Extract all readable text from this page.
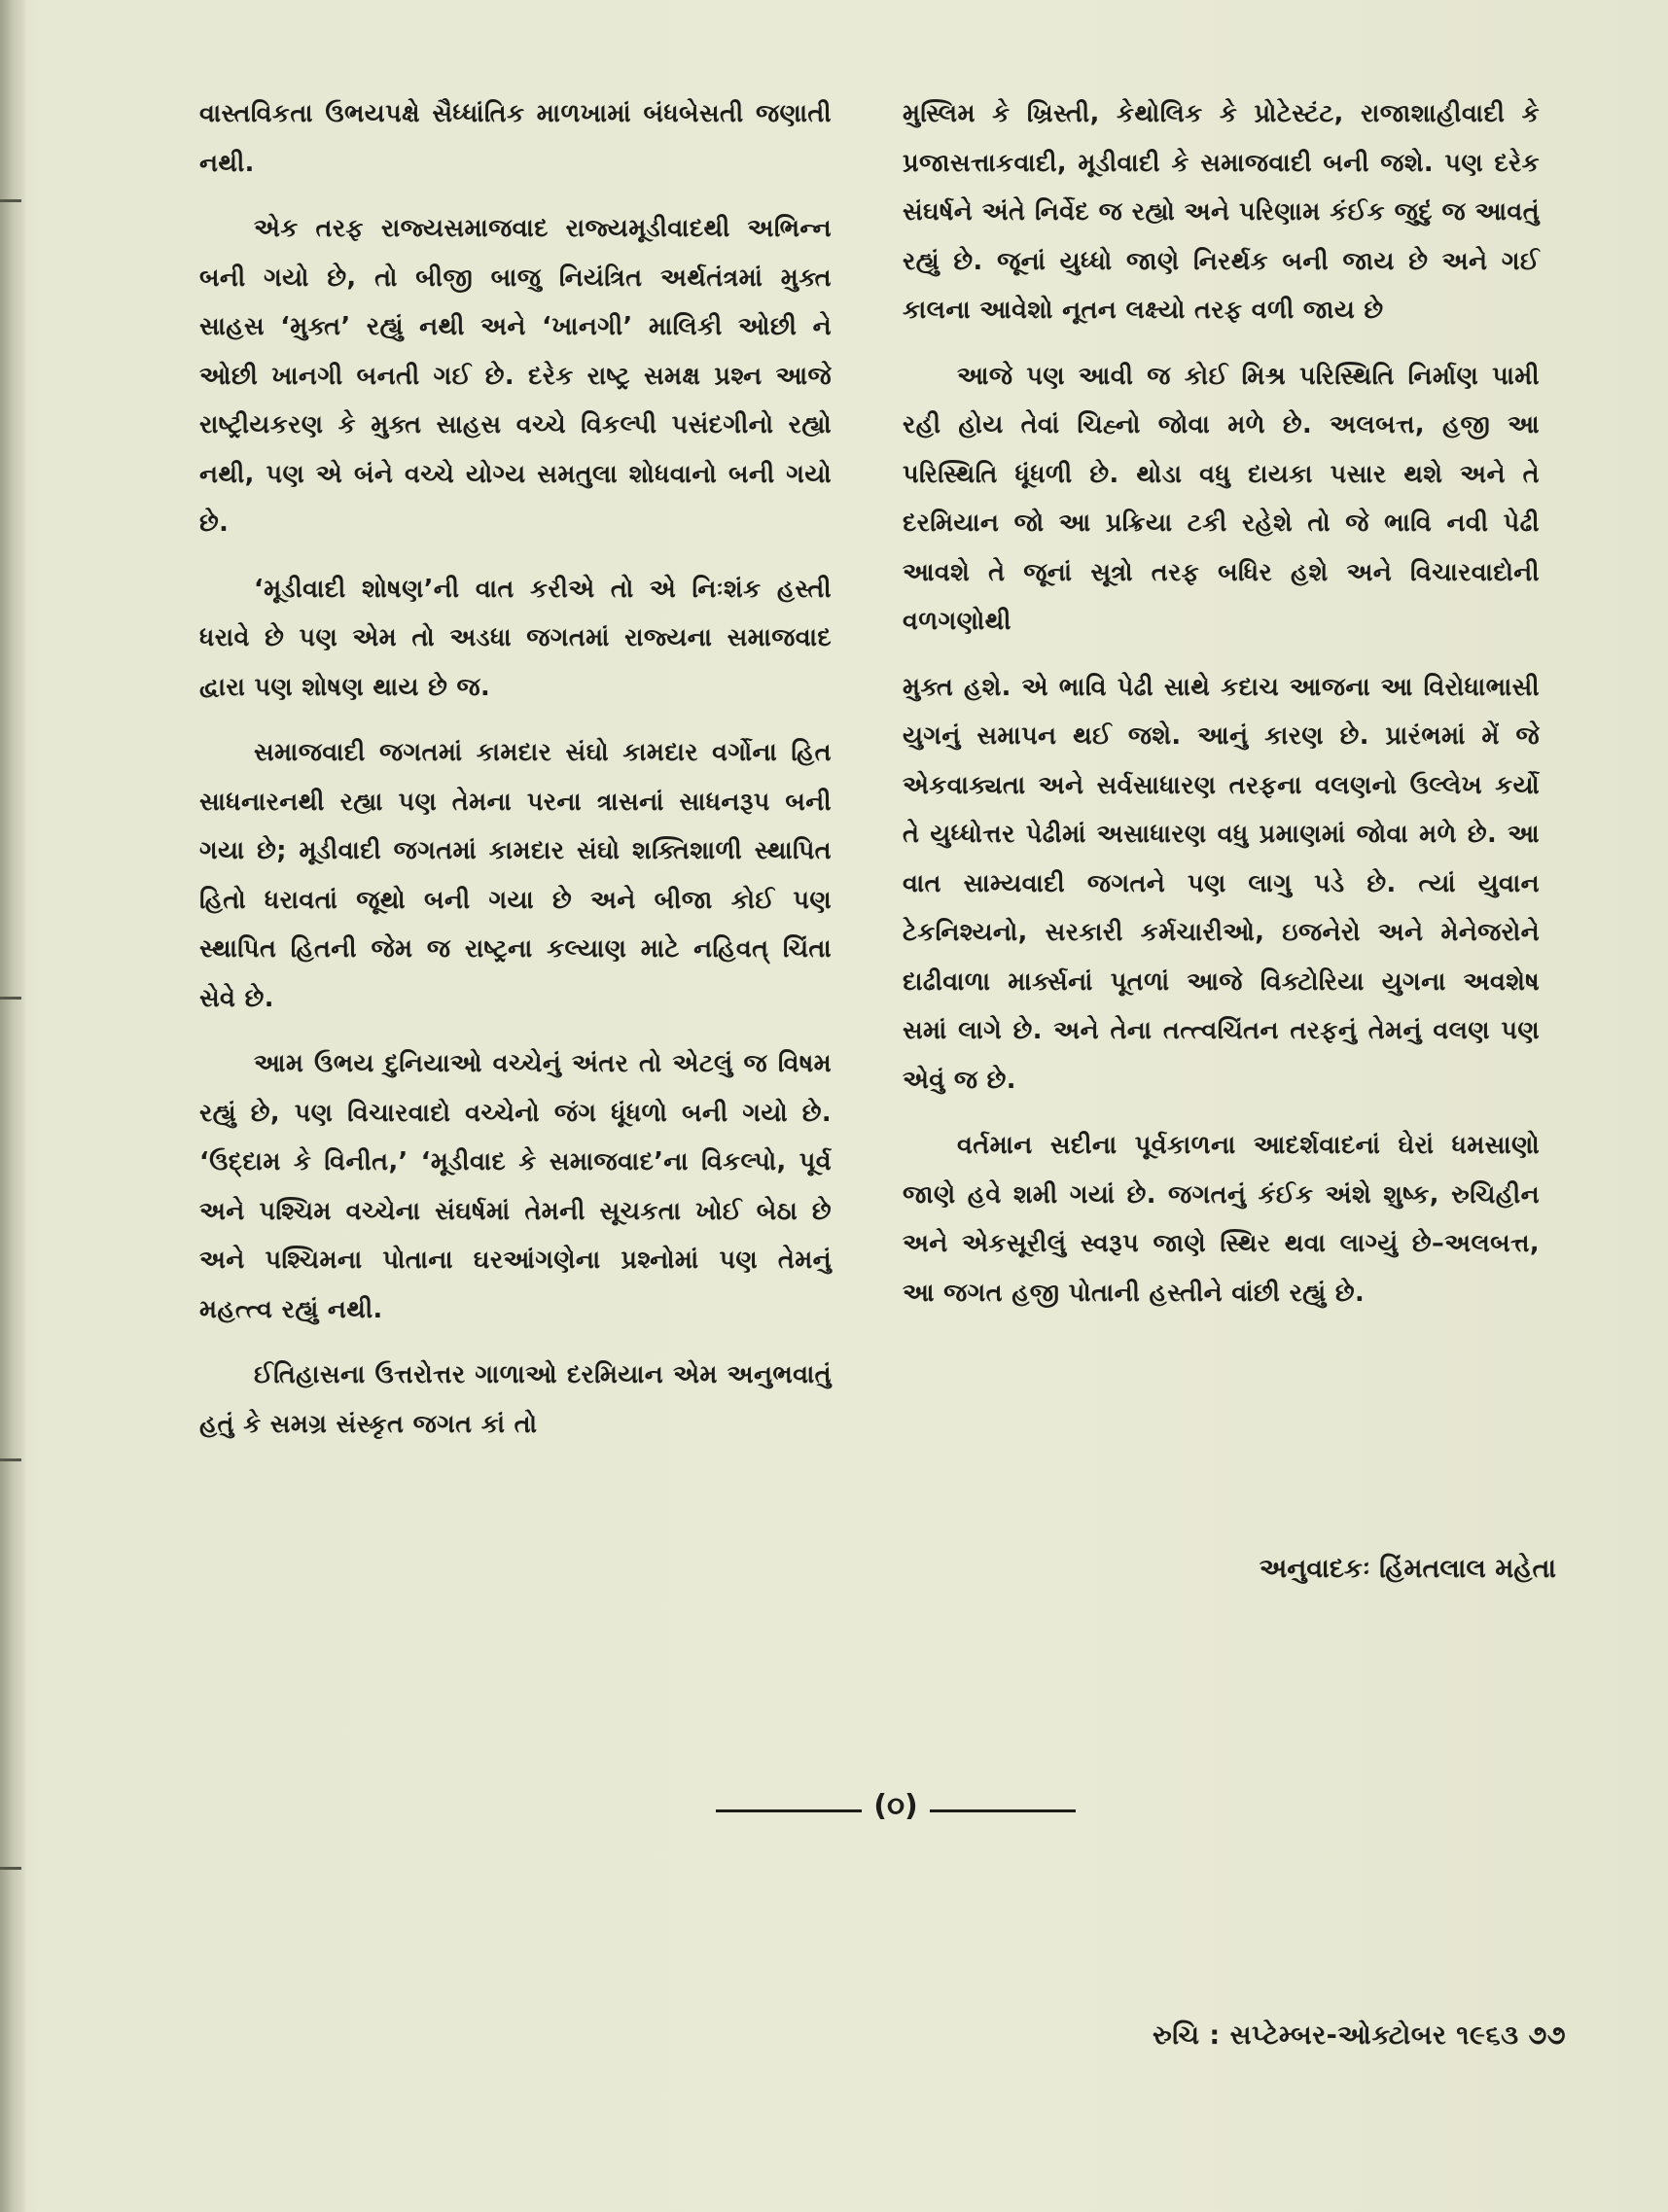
વાસ્તવિકતા ઉભયપક્ષે સૈધ્ધાંતિક માળખામાં બંધબેસતી જણાતી નથી.

એક તરફ રાજ્યસમાજવાદ રાજ્યમૂડીવાદથી અભિન્ન બની ગયો છે, તો બીજી બાજુ નિયંત્રિત અર્થતંત્રમાં મુક્ત સાહસ ‘મુક્ત’ રહ્યું નથી અને ‘ખાનગી’ માલિકી ઓછી ને ઓછી ખાનગી બનતી ગઈ છે. દરેક રાષ્ટ્ર સમક્ષ પ્રશ્ન આજે રાષ્ટ્રીયકરણ કે મુક્ત સાહસ વચ્ચે વિકલ્પી પસંદગીનો રહ્યો નથી, પણ એ બંને વચ્ચે યોગ્ય સમતુલા શોધવાનો બની ગયો છે.

‘મૂડીવાદી શોષણ’ની વાત કરીએ તો એ નિઃશંક હસ્તી ધરાવે છે પણ એમ તો અડધા જગતમાં રાજ્યના સમાજવાદ દ્વારા પણ શોષણ થાય છે જ.

સમાજવાદી જગતમાં કામદાર સંઘો કામદાર વર્ગોના હિત સાધનારનથી રહ્યા પણ તેમના પરના ત્રાસનાં સાધનરૂપ બની ગયા છે; મૂડીવાદી જગતમાં કામદાર સંઘો શક્તિશાળી સ્થાપિત હિતો ધરાવતાં જૂથો બની ગયા છે અને બીજા કોઈ પણ સ્થાપિત હિતની જેમ જ રાષ્ટ્રના કલ્યાણ માટે નહિવત્ ચિંતા સેવે છે.

આમ ઉભય દુનિયાઓ વચ્ચેનું અંતર તો એટલું જ વિષમ રહ્યું છે, પણ વિચારવાદો વચ્ચેનો જંગ ધૂંધળો બની ગયો છે. ‘ઉદ્દામ કે વિનીત,’ ‘મૂડીવાદ કે સમાજવાદ’ના વિકલ્પો, પૂર્વ અને પશ્ચિમ વચ્ચેના સંઘર્ષમાં તેમની સૂચકતા ખોઈ બેઠા છે અને પશ્ચિમના પોતાના ઘરઆંગણેના પ્રશ્નોમાં પણ તેમનું મહત્ત્વ રહ્યું નથી.

ઈતિહાસના ઉત્તરોત્તર ગાળાઓ દરમિયાન એમ અનુભવાતું હતું કે સમગ્ર સંસ્કૃત જગત કાં તો

મુસ્લિમ કે ખ્રિસ્તી, કેથોલિક કે પ્રોટેસ્ટંટ, રાજાશાહીવાદી કે પ્રજાસત્તાકવાદી, મૂડીવાદી કે સમાજવાદી બની જશે. પણ દરેક સંઘર્ષને અંતે નિર્વેદ જ રહ્યો અને પરિણામ કંઈક જુદું જ આવતું રહ્યું છે. જૂનાં યુધ્ધો જાણે નિરર્થક બની જાય છે અને ગઈ કાલના આવેશો નૂતન લક્ષ્યો તરફ વળી જાય છે

આજે પણ આવી જ કોઈ મિશ્ર પરિસ્થિતિ નિર્માણ પામી રહી હોય તેવાં ચિહ્નો જોવા મળે છે. અલબત્ત, હજી આ પરિસ્થિતિ ધૂંધળી છે. થોડા વધુ દાયકા પસાર થશે અને તે દરમિયાન જો આ પ્રક્રિયા ટકી રહેશે તો જે ભાવિ નવી પેઢી આવશે તે જૂનાં સૂત્રો તરફ બધિર હશે અને વિચારવાદોની વળગણોથી

મુક્ત હશે. એ ભાવિ પેઢી સાથે કદાચ આજના આ વિરોધાભાસી યુગનું સમાપન થઈ જશે. આનું કારણ છે. પ્રારંભમાં મેં જે એકવાક્યતા અને સર્વસાધારણ તરફના વલણનો ઉલ્લેખ કર્યો તે યુધ્ધોત્તર પેઢીમાં અસાધારણ વધુ પ્રમાણમાં જોવા મળે છે. આ વાત સામ્યવાદી જગતને પણ લાગુ પડે છે. ત્યાં યુવાન ટેકનિશ્યનો, સરકારી કર્મચારીઓ, ઇજનેરો અને મેનેજરોને દાઢીવાળા માર્ક્સનાં પૂતળાં આજે વિક્ટોરિયા યુગના અવશેષ સમાં લાગે છે. અને તેના તત્ત્વચિંતન તરફનું તેમનું વલણ પણ એવું જ છે.

વર્તમાન સદીના પૂર્વકાળના આદર્શવાદનાં ઘેરાં ધમસાણો જાણે હવે શમી ગયાં છે. જગતનું કંઈક અંશે શુષ્ક, રુચિહીન અને એકસૂરીલું સ્વરૂપ જાણે સ્થિર થવા લાગ્યું છે–અલબત્ત, આ જગત હજી પોતાની હસ્તીને વાંછી રહ્યું છે.

અનુવાદકઃ હિંમતલાલ મહેતા
(૦)
રુચિ : સપ્ટેમ્બર-ઓક્ટોબર ૧૯૬૩ ૭૭
